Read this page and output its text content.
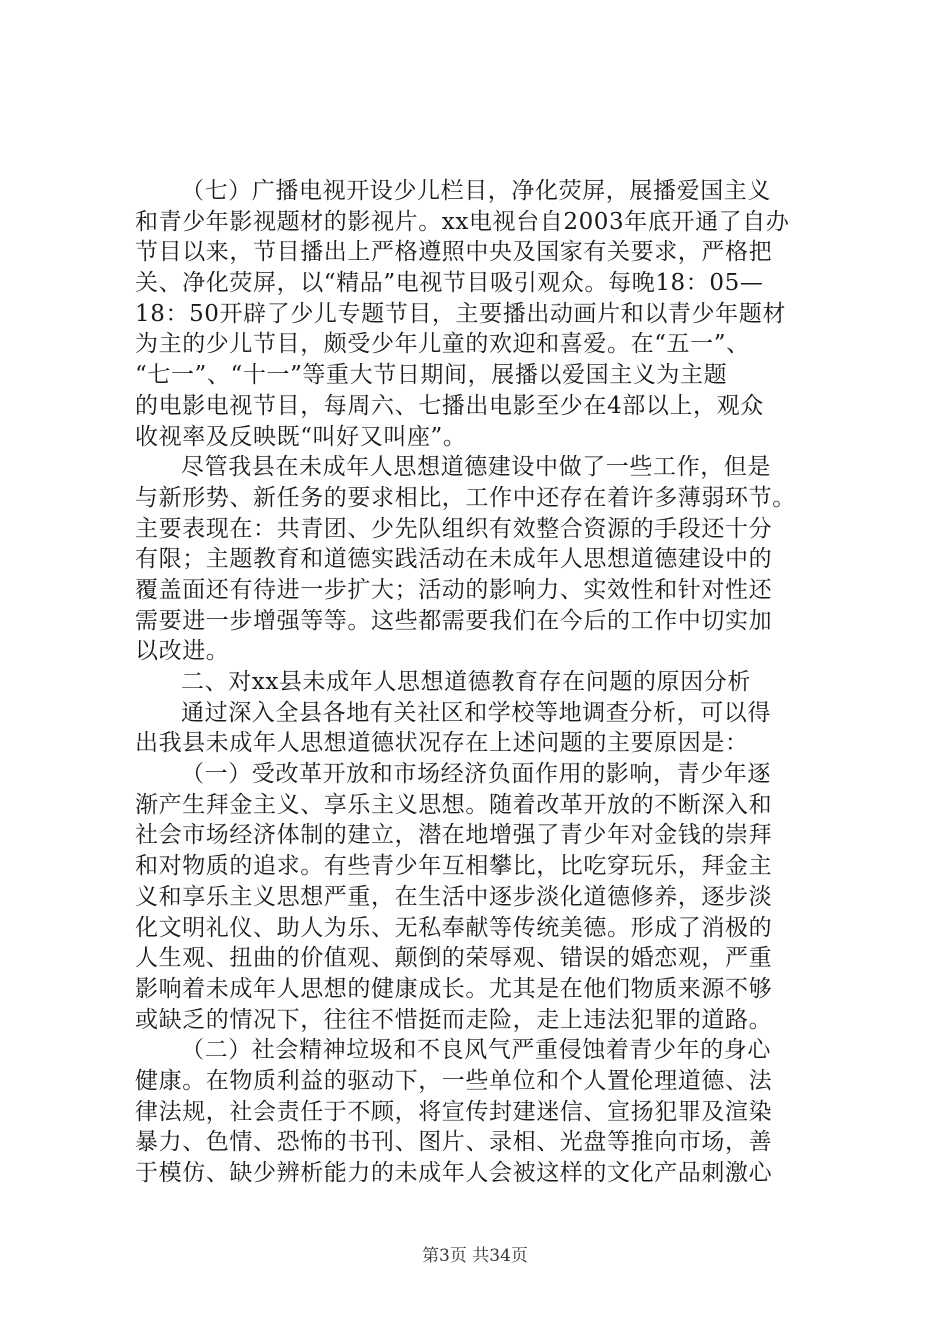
（七）广播电视开设少儿栏目，净化荧屏，展播爱国主义
和青少年影视题材的影视片。xx电视台自2003年底开通了自办
节目以来，节目播出上严格遵照中央及国家有关要求，严格把
关、净化荧屏，以“精品”电视节目吸引观众。每晚18：05—
18：50开辟了少儿专题节目，主要播出动画片和以青少年题材
为主的少儿节目，颇受少年儿童的欢迎和喜爱。在“五一”、
“七一”、“十一”等重大节日期间，展播以爱国主义为主题
的电影电视节目，每周六、七播出电影至少在4部以上，观众
收视率及反映既“叫好又叫座”。
尽管我县在未成年人思想道德建设中做了一些工作，但是
与新形势、新任务的要求相比，工作中还存在着许多薄弱环节。
主要表现在：共青团、少先队组织有效整合资源的手段还十分
有限；主题教育和道德实践活动在未成年人思想道德建设中的
覆盖面还有待进一步扩大；活动的影响力、实效性和针对性还
需要进一步增强等等。这些都需要我们在今后的工作中切实加
以改进。
二、对xx县未成年人思想道德教育存在问题的原因分析
通过深入全县各地有关社区和学校等地调查分析，可以得
出我县未成年人思想道德状况存在上述问题的主要原因是：
（一）受改革开放和市场经济负面作用的影响，青少年逐
渐产生拜金主义、享乐主义思想。随着改革开放的不断深入和
社会市场经济体制的建立，潜在地增强了青少年对金钱的崇拜
和对物质的追求。有些青少年互相攀比，比吃穿玩乐，拜金主
义和享乐主义思想严重，在生活中逐步淡化道德修养，逐步淡
化文明礼仪、助人为乐、无私奉献等传统美德。形成了消极的
人生观、扭曲的价值观、颠倒的荣辱观、错误的婚恋观，严重
影响着未成年人思想的健康成长。尤其是在他们物质来源不够
或缺乏的情况下，往往不惜挺而走险，走上违法犯罪的道路。
（二）社会精神垃圾和不良风气严重侵蚀着青少年的身心
健康。在物质利益的驱动下，一些单位和个人置伦理道德、法
律法规，社会责任于不顾，将宣传封建迷信、宣扬犯罪及渲染
暴力、色情、恐怖的书刊、图片、录相、光盘等推向市场，善
于模仿、缺少辨析能力的未成年人会被这样的文化产品刺激心
第3页 共34页
